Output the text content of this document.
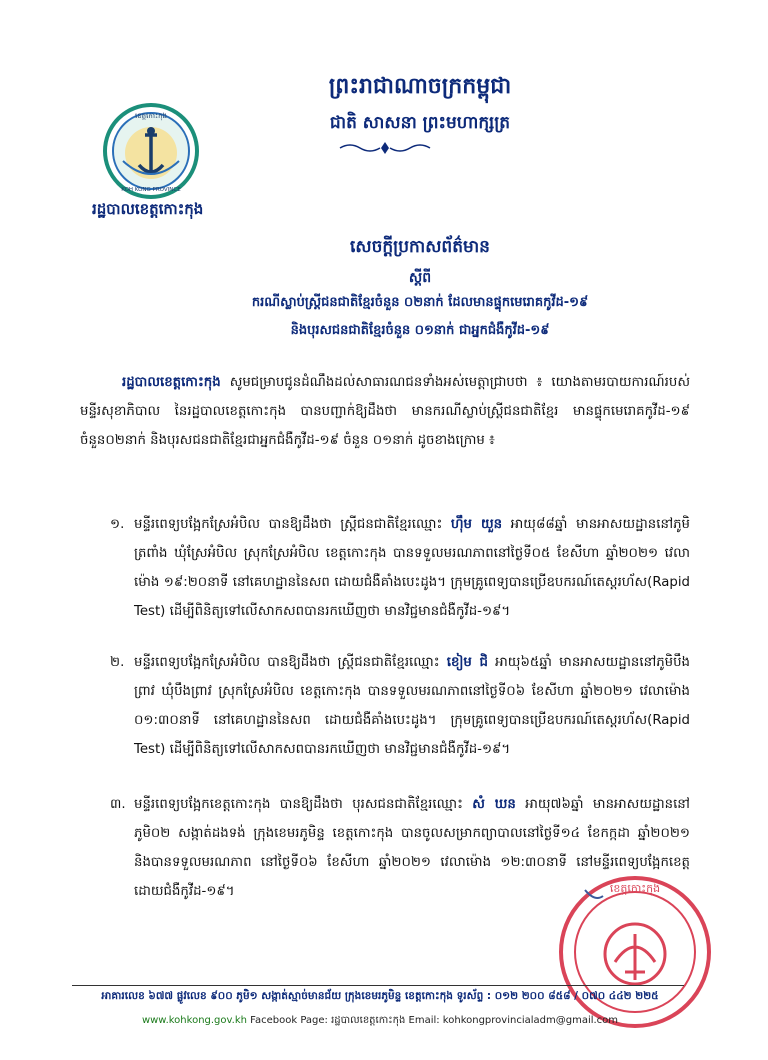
ខេត្តកោះកុង
KOH KONG PROVINCE
រដ្ឋបាលខេត្តកោះកុង
ព្រះរាជាណាចក្រកម្ពុជា
ជាតិ សាសនា ព្រះមហាក្សត្រ
សេចក្តីប្រកាសព័ត៌មាន
ស្តីពី
ករណីស្លាប់ស្ត្រីជនជាតិខ្មែរចំនួន ០២នាក់ ដែលមានផ្ទុកមេរោគកូវីដ-១៩
និងបុរសជនជាតិខ្មែរចំនួន ០១នាក់ ជាអ្នកជំងឺកូវីដ-១៩
រដ្ឋបាលខេត្តកោះកុង សូមជម្រាបជូនដំណឹងដល់សាធារណជនទាំងអស់មេត្តាជ្រាបថា ៖ យោងតាមរបាយការណ៍របស់មន្ទីរសុខាភិបាល នៃរដ្ឋបាលខេត្តកោះកុង បានបញ្ជាក់ឱ្យដឹងថា មានករណីស្លាប់ស្ត្រីជនជាតិខ្មែរ មានផ្ទុកមេរោគកូវីដ-១៩ ចំនួន០២នាក់ និងបុរសជនជាតិខ្មែរជាអ្នកជំងឺកូវីដ-១៩ ចំនួន ០១នាក់ ដូចខាងក្រោម ៖
១. មន្ទីរពេទ្យបង្អែកស្រែអំបិល បានឱ្យដឹងថា ស្ត្រីជនជាតិខ្មែរឈ្មោះ ហ៊ឹម យួន អាយុ៨៨ឆ្នាំ មានអាសយដ្ឋាននៅភូមិត្រពាំង ឃុំស្រែអំបិល ស្រុកស្រែអំបិល ខេត្តកោះកុង បានទទួលមរណភាពនៅថ្ងៃទី០៥ ខែសីហា ឆ្នាំ២០២១ វេលាម៉ោង ១៩:២០នាទី នៅគេហដ្ឋាននៃសព ដោយជំងឺគាំងបេះដូង។ ក្រុមគ្រូពេទ្យបានប្រើឧបករណ៍តេស្តរហ័ស(Rapid Test) ដើម្បីពិនិត្យទៅលើសាកសពបានរកឃើញថា មានវិជ្ជមានជំងឺកូវីដ-១៩។
២. មន្ទីរពេទ្យបង្អែកស្រែអំបិល បានឱ្យដឹងថា ស្ត្រីជនជាតិខ្មែរឈ្មោះ ខៀម ជិ អាយុ៦៥ឆ្នាំ មានអាសយដ្ឋាននៅភូមិបឹងព្រាវ ឃុំបឹងព្រាវ ស្រុកស្រែអំបិល ខេត្តកោះកុង បានទទួលមរណភាពនៅថ្ងៃទី០៦ ខែសីហា ឆ្នាំ២០២១ វេលាម៉ោង ០១:៣០នាទី នៅគេហដ្ឋាននៃសព ដោយជំងឺគាំងបេះដូង។ ក្រុមគ្រូពេទ្យបានប្រើឧបករណ៍តេស្តរហ័ស(Rapid Test) ដើម្បីពិនិត្យទៅលើសាកសពបានរកឃើញថា មានវិជ្ជមានជំងឺកូវីដ-១៩។
៣. មន្ទីរពេទ្យបង្អែកខេត្តកោះកុង បានឱ្យដឹងថា បុរសជនជាតិខ្មែរឈ្មោះ សំ ឃន អាយុ៧៦ឆ្នាំ មានអាសយដ្ឋាននៅភូមិ០២ សង្កាត់ដងទង់ ក្រុងខេមរភូមិន្ទ ខេត្តកោះកុង បានចូលសម្រាកព្យាបាលនៅថ្ងៃទី១៤ ខែកក្កដា ឆ្នាំ២០២១ និងបានទទួលមរណភាព នៅថ្ងៃទី០៦ ខែសីហា ឆ្នាំ២០២១ វេលាម៉ោង ១២:៣០នាទី នៅមន្ទីរពេទ្យបង្អែកខេត្ត ដោយជំងឺកូវីដ-១៩។	ខេត្តកោះកុង
អាគារលេខ ៦៧៧ ផ្លូវលេខ ៩០០ ភូមិ១ សង្កាត់ស្មាច់មានជ័យ ក្រុងខេមរភូមិន្ទ ខេត្តកោះកុង ទូរស័ព្ទ : ០១២ ២០០ ៨៥៨ / ០៧០ ៤៤២ ២២៥
www.kohkong.gov.kh Facebook Page: រដ្ឋបាលខេត្តកោះកុង Email: kohkongprovincialadm@gmail.com
